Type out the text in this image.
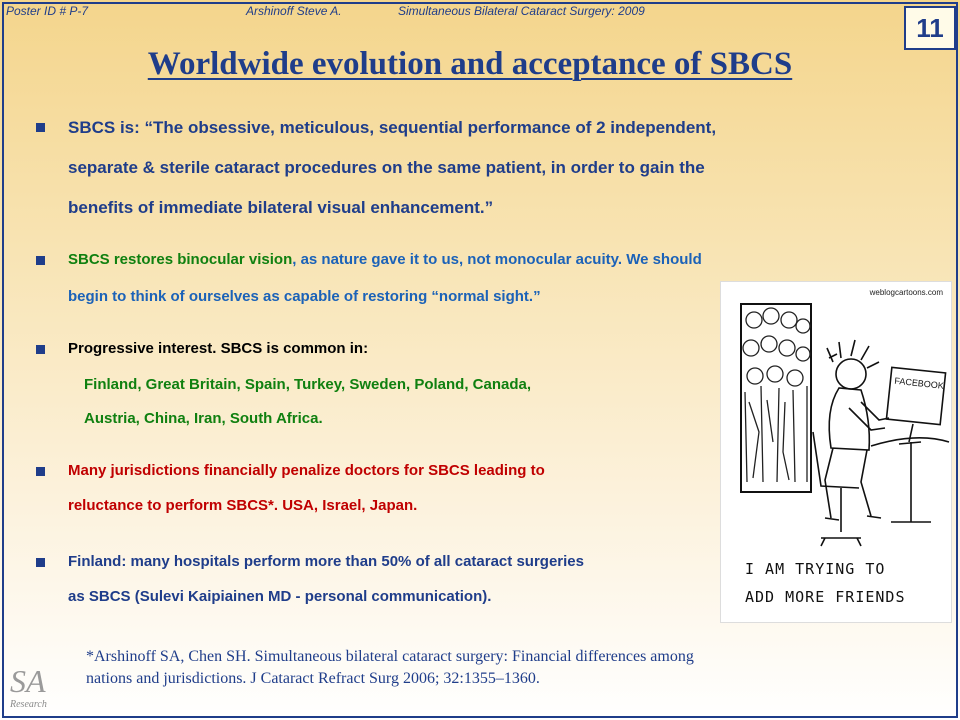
Poster ID # P-7	Arshinoff Steve A.	Simultaneous Bilateral Cataract Surgery: 2009
11
Worldwide evolution and acceptance of SBCS
SBCS is: “The obsessive, meticulous, sequential performance of 2 independent,
separate & sterile cataract procedures on the same patient, in order to gain the
benefits of immediate bilateral visual enhancement.”
SBCS restores binocular vision, as nature gave it to us, not monocular acuity. We should
begin to think of ourselves as capable of restoring “normal sight.”
Progressive interest. SBCS is common in:
Finland, Great Britain, Spain, Turkey, Sweden, Poland, Canada,
Austria, China, Iran, South Africa.
Many jurisdictions financially penalize doctors for SBCS leading to
reluctance to perform SBCS*. USA, Israel, Japan.
Finland: many hospitals perform more than 50% of all cataract surgeries
as SBCS (Sulevi Kaipiainen MD - personal communication).
weblogcartoons.com
FACEBOOK
I AM TRYING TO
ADD MORE FRIENDS
*Arshinoff SA, Chen SH. Simultaneous bilateral cataract surgery: Financial differences among
nations and jurisdictions. J Cataract Refract Surg 2006; 32:1355–1360.
SA
Research
